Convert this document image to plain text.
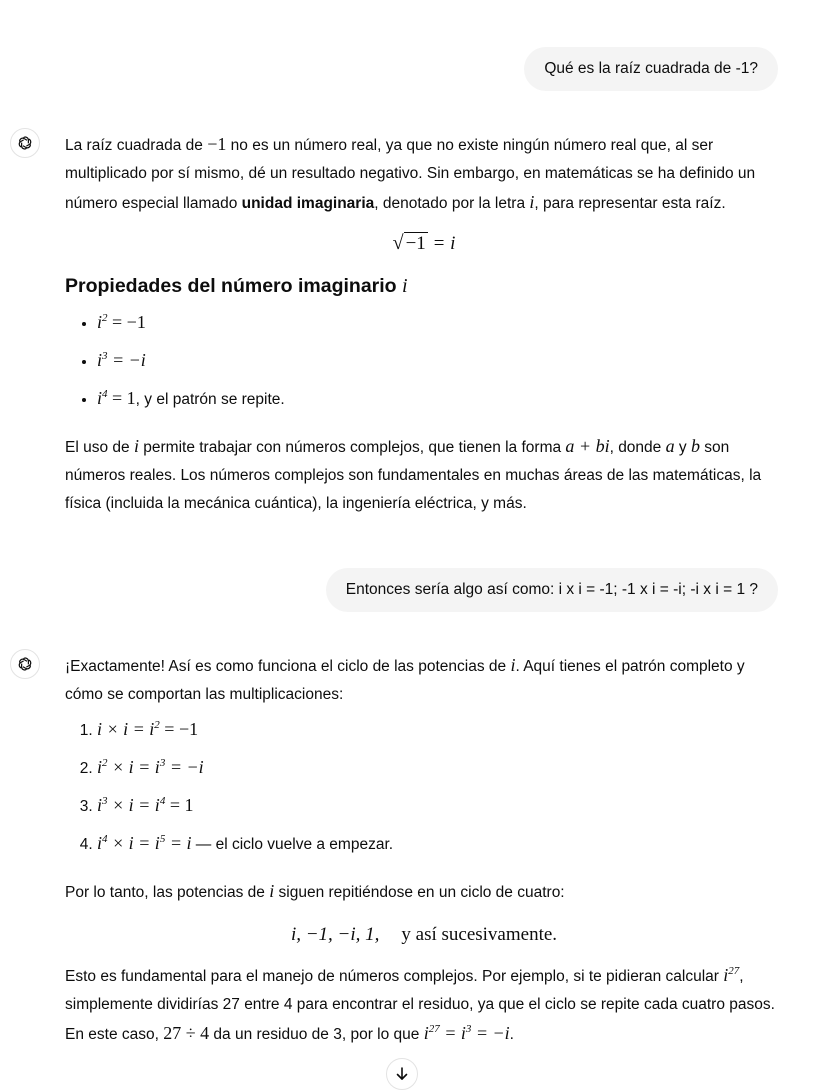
Qué es la raíz cuadrada de -1?

La raíz cuadrada de −1 no es un número real, ya que no existe ningún número real que, al ser multiplicado por sí mismo, dé un resultado negativo. Sin embargo, en matemáticas se ha definido un número especial llamado unidad imaginaria, denotado por la letra i, para representar esta raíz.

√ −1 = i
Propiedades del número imaginario i
• $i^2 = -1$
• $i^3 = -i$
• $i^4 = 1$, y el patrón se repite.

El uso de i permite trabajar con números complejos, que tienen la forma a + bi, donde a y b son números reales. Los números complejos son fundamentales en muchas áreas de las matemáticas, la física (incluida la mecánica cuántica), la ingeniería eléctrica, y más.

Entonces sería algo así como: i x i = -1; -1 x i = -i; -i x i = 1 ?

¡Exactamente! Así es como funciona el ciclo de las potencias de i. Aquí tienes el patrón completo y cómo se comportan las multiplicaciones:

1. $i \times i = i^2 = -1$
2. $i^2 \times i = i^3 = -i$
3. $i^3 \times i = i^4 = 1$
4. $i^4 \times i = i^5 = i$ — el ciclo vuelve a empezar.

Por lo tanto, las potencias de i siguen repitiéndose en un ciclo de cuatro:

i, −1, −i, 1, y así sucesivamente.

Esto es fundamental para el manejo de números complejos. Por ejemplo, si te pidieran calcular $i^{27}$, simplemente dividirías 27 entre 4 para encontrar el residuo, ya que el ciclo se repite cada cuatro pasos. En este caso, 27 ÷ 4 da un residuo de 3, por lo que $i^{27} = i^3 = -i$.
